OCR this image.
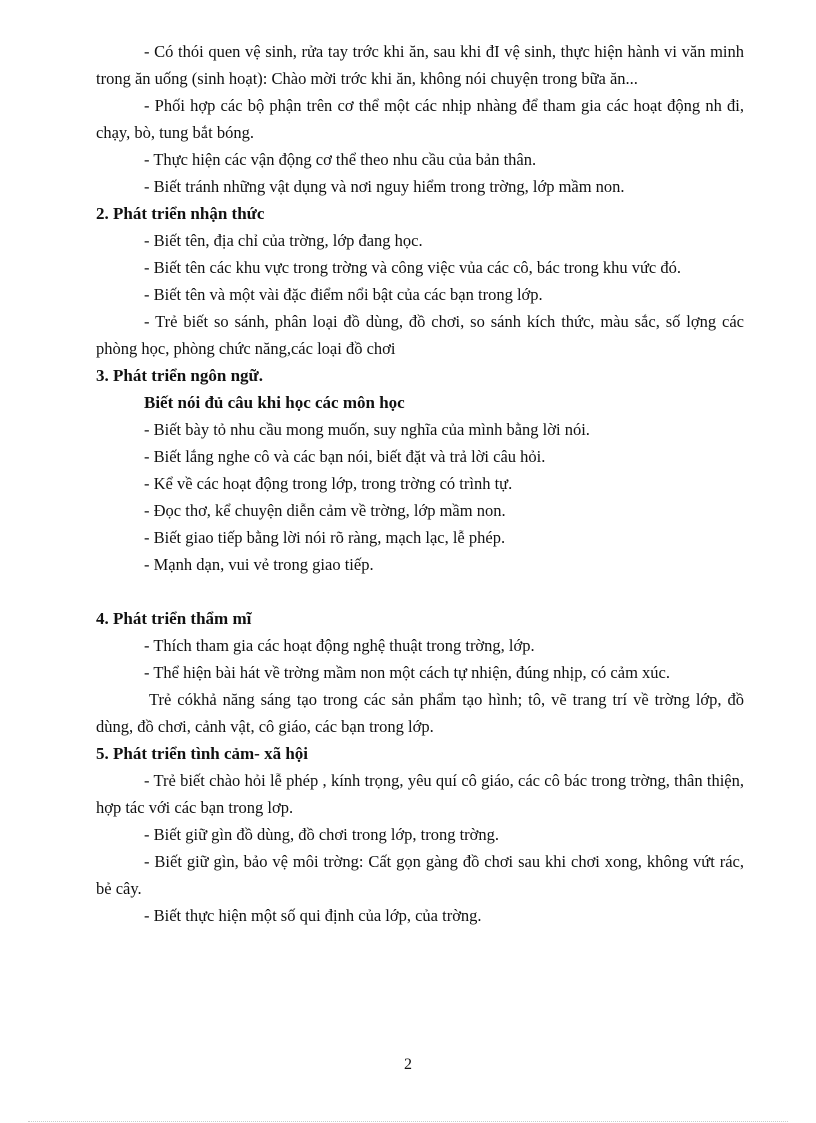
- Có thói quen vệ sinh, rửa tay trớc khi ăn, sau khi đI vệ sinh, thực hiện hành vi văn minh trong ăn uống (sinh hoạt): Chào mời trớc khi ăn, không nói chuyện trong bữa ăn...

- Phối hợp các bộ phận trên cơ thể một các nhịp nhàng để tham gia các hoạt động nh đi, chạy, bò, tung bắt bóng.

- Thực hiện các vận động cơ thể theo nhu cầu của bản thân.

- Biết tránh những vật dụng và nơi nguy hiểm trong trờng, lớp mầm non.

2. Phát triển nhận thức

- Biết tên, địa chỉ của trờng, lớp đang học.

- Biết tên các khu vực trong trờng và công việc vủa các cô, bác trong khu vức đó.

- Biết tên và một vài đặc điểm nổi bật của các bạn trong lớp.

- Trẻ biết so sánh, phân loại đồ dùng, đồ chơi, so sánh kích thức, màu sắc, số lợng các phòng học, phòng chức năng,các loại đồ chơi

3. Phát triển ngôn ngữ.
Biết nói đủ câu khi học các môn học

- Biết bày tỏ nhu cầu mong muốn, suy nghĩa của mình bằng lời nói.

- Biết lắng nghe cô và các bạn nói, biết đặt và trả lời câu hỏi.

- Kể về các hoạt động trong lớp, trong trờng có trình tự.

- Đọc thơ, kể chuyện diễn cảm về trờng, lớp mầm non.

- Biết giao tiếp bằng lời nói rõ ràng, mạch lạc, lễ phép.

- Mạnh dạn, vui vẻ trong giao tiếp.

4. Phát triển thẩm mĩ

- Thích tham gia các hoạt động nghệ thuật trong trờng, lớp.

- Thể hiện bài hát về trờng mầm non một cách tự nhiện, đúng nhịp, có cảm xúc.

Trẻ cókhả năng sáng tạo trong các sản phẩm tạo hình; tô, vẽ trang trí về trờng lớp, đồ dùng, đồ chơi, cảnh vật, cô giáo, các bạn trong lớp.

5. Phát triển tình cảm- xã hội

- Trẻ biết chào hỏi lễ phép , kính trọng, yêu quí cô giáo, các cô bác trong trờng, thân thiện, hợp tác với các bạn trong lơp.

- Biết giữ gìn đồ dùng, đồ chơi trong lớp, trong trờng.

- Biết giữ gìn, bảo vệ môi trờng: Cất gọn gàng đồ chơi sau khi chơi xong, không vứt rác, bẻ cây.

- Biết thực hiện một số qui định của lớp, của trờng.

2
